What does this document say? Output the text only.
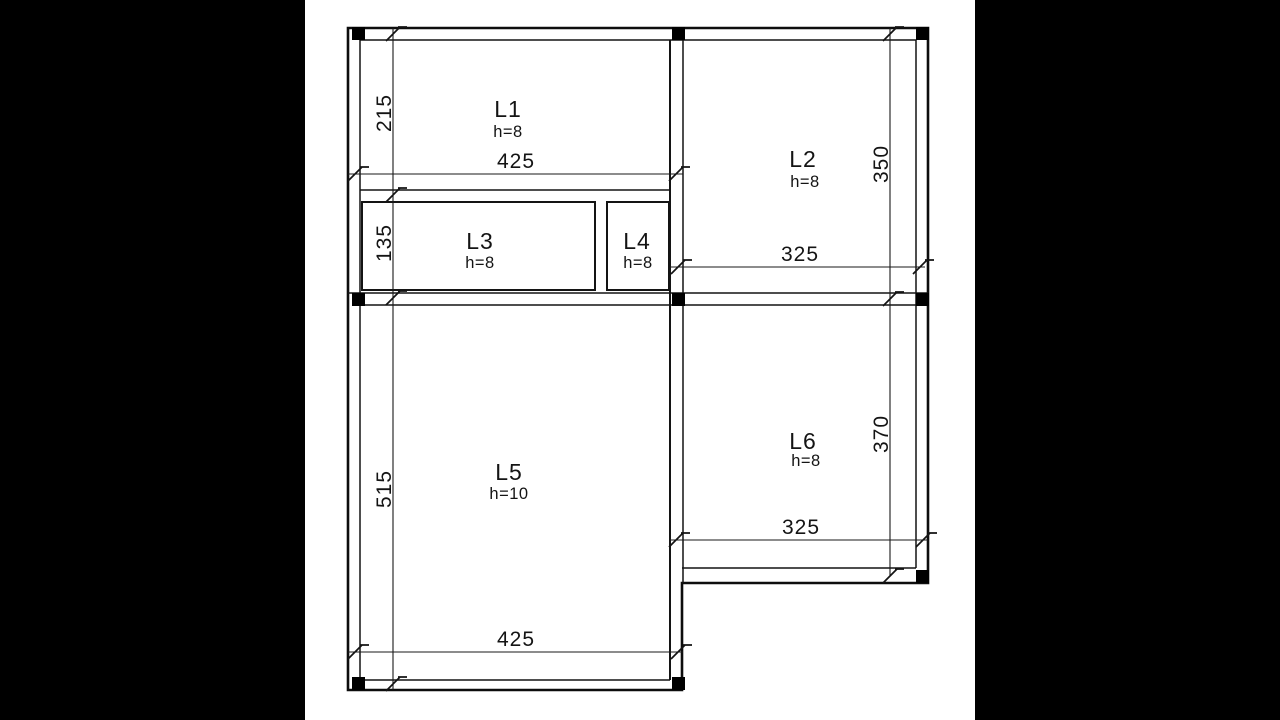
425
325
325
425
215
135
515
350
370
L1
h=8
L2
h=8
L3
h=8
L4
h=8
L5
h=10
L6
h=8
